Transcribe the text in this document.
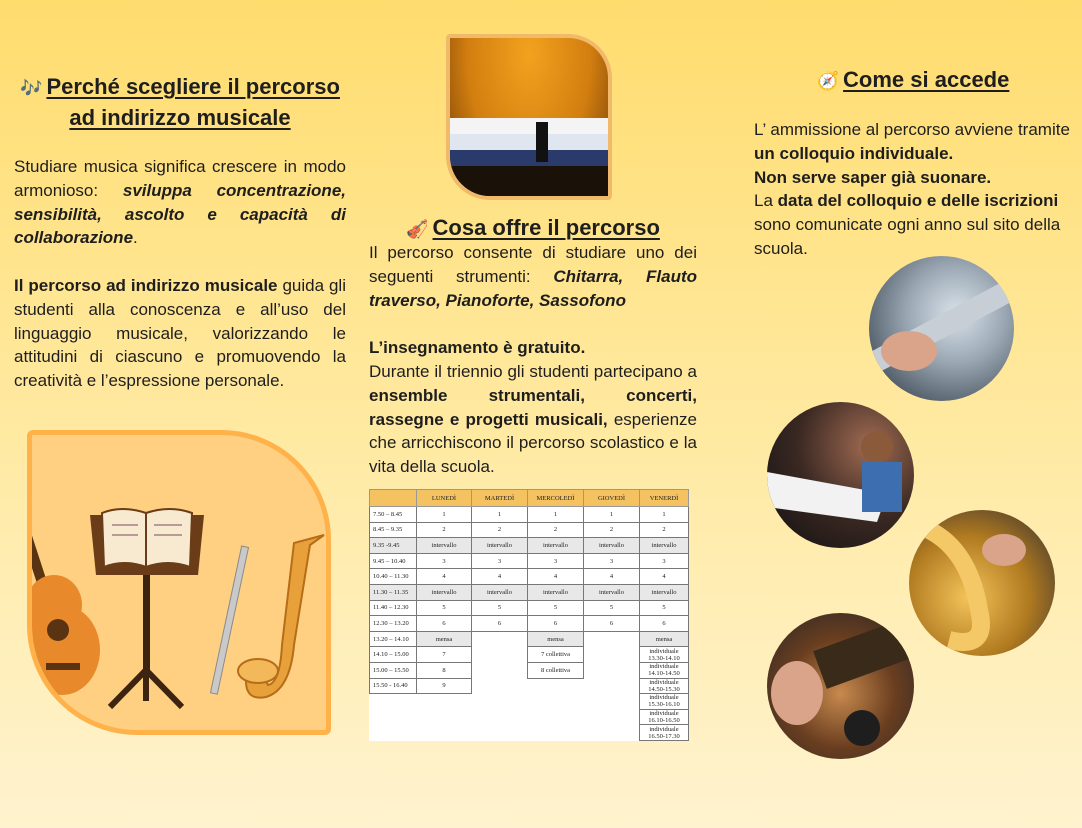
🎶 Perché scegliere il percorso ad indirizzo musicale

Studiare musica significa crescere in modo armonioso: sviluppa concentrazione, sensibilità, ascolto e capacità di collaborazione.

Il percorso ad indirizzo musicale guida gli studenti alla conoscenza e all’uso del linguaggio musicale, valorizzando le attitudini di ciascuno e promuovendo la creatività e l’espressione personale.

🎻 Cosa offre il percorso

Il percorso consente di studiare uno dei seguenti strumenti: Chitarra, Flauto traverso, Pianoforte, Sassofono

L’insegnamento è gratuito.

Durante il triennio gli studenti partecipano a ensemble strumentali, concerti, rassegne e progetti musicali, esperienze che arricchiscono il percorso scolastico e la vita della scuola.

	LUNEDÌ	MARTEDÌ	MERCOLEDÌ	GIOVEDÌ	VENERDÌ
7.50 – 8.45	1	1	1	1	1
8.45 – 9.35	2	2	2	2	2
9.35 -9.45	intervallo	intervallo	intervallo	intervallo	intervallo
9.45 – 10.40	3	3	3	3	3
10.40 – 11.30	4	4	4	4	4
11.30 – 11.35	intervallo	intervallo	intervallo	intervallo	intervallo
11.40 – 12.30	5	5	5	5	5
12.30 – 13.20	6	6	6	6	6
13.20 – 14.10	mensa		mensa		mensa
14.10 – 15.00	7		7 collettiva		individuale 13.30-14.10
15.00 – 15.50	8		8 collettiva		individuale 14.10-14.50
15.50 - 16.40	9				individuale 14.50-15.30
					individuale 15.30-16.10
					individuale 16.10-16.50
					individuale 16.50-17.30
🧭 Come si accede

L’ ammissione al percorso avviene tramite un colloquio individuale.

Non serve saper già suonare.

La data del colloquio e delle iscrizioni sono comunicate ogni anno sul sito della scuola.
